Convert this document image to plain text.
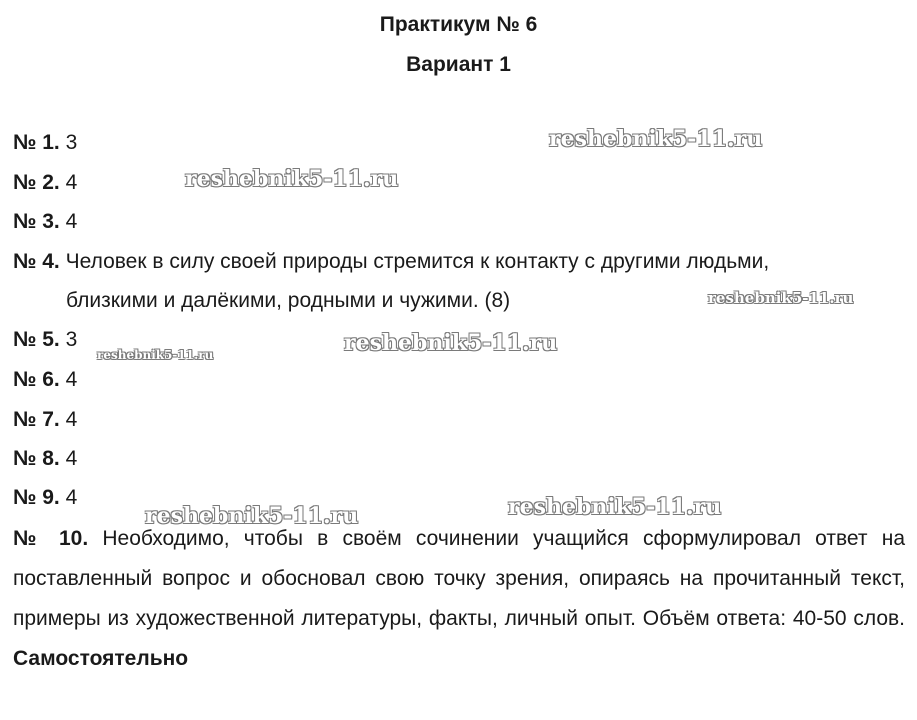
Практикум № 6
Вариант 1
№ 1. 3
№ 2. 4
№ 3. 4
№ 4. Человек в силу своей природы стремится к контакту с другими людьми,
близкими и далёкими, родными и чужими. (8)
№ 5. 3
№ 6. 4
№ 7. 4
№ 8. 4
№ 9. 4
№ 10. Необходимо, чтобы в своём сочинении учащийся сформулировал ответ на поставленный вопрос и обосновал свою точку зрения, опираясь на прочитанный текст, примеры из художественной литературы, факты, личный опыт. Объём ответа: 40-50 слов. Самостоятельно
reshebnik5-11.ru
reshebnik5-11.ru
reshebnik5-11.ru
reshebnik5-11.ru
reshebnik5-11.ru
reshebnik5-11.ru
reshebnik5-11.ru
